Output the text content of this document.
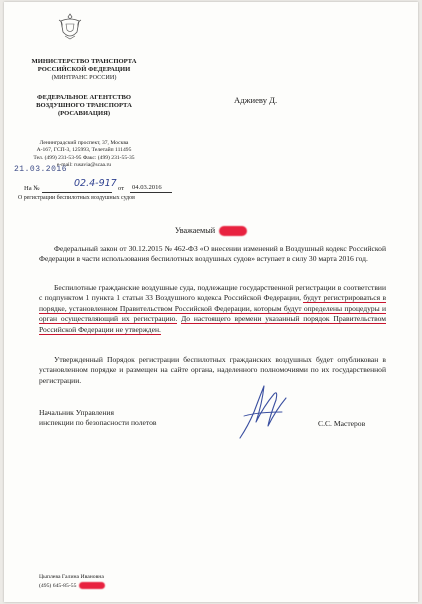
МИНИСТЕРСТВО ТРАНСПОРТА
РОССИЙСКОЙ ФЕДЕРАЦИИ
(МИНТРАНС РОССИИ)
ФЕДЕРАЛЬНОЕ АГЕНТСТВО
ВОЗДУШНОГО ТРАНСПОРТА
(РОСАВИАЦИЯ)
Ленинградский проспект, 37, Москва
А-167, ГСП-3, 125993, Телетайп 111495
Тел. (499) 231-53-95 Факс: (499) 231-55-35
e-mail: rusavia@scaa.ru
21.03.2016
На №	02.4-917 от 04.03.2016
О регистрации беспилотных воздушных судов
Аджиеву Д.
Уважаемый

Федеральный закон от 30.12.2015 № 462-ФЗ «О внесении изменений в Воздушный кодекс Российской Федерации в части использования беспилотных воздушных судов» вступает в силу 30 марта 2016 год.

Беспилотные гражданские воздушные суда, подлежащие государственной регистрации в соответствии с подпунктом 1 пункта 1 статьи 33 Воздушного кодекса Российской Федерации, будут регистрироваться в порядке, установленном Правительством Российской Федерации, которым будут определены процедуры и орган осуществляющий их регистрацию. До настоящего времени указанный порядок Правительством Российской Федерации не утвержден.

Утвержденный Порядок регистрации беспилотных гражданских воздушных будет опубликован в установленном порядке и размещен на сайте органа, наделенного полномочиями по их государственной регистрации.

Начальник Управления
инспекции по безопасности полетов	С.С. Мастеров
Цыплева Галина Ивановна
(495) 645-85-55
